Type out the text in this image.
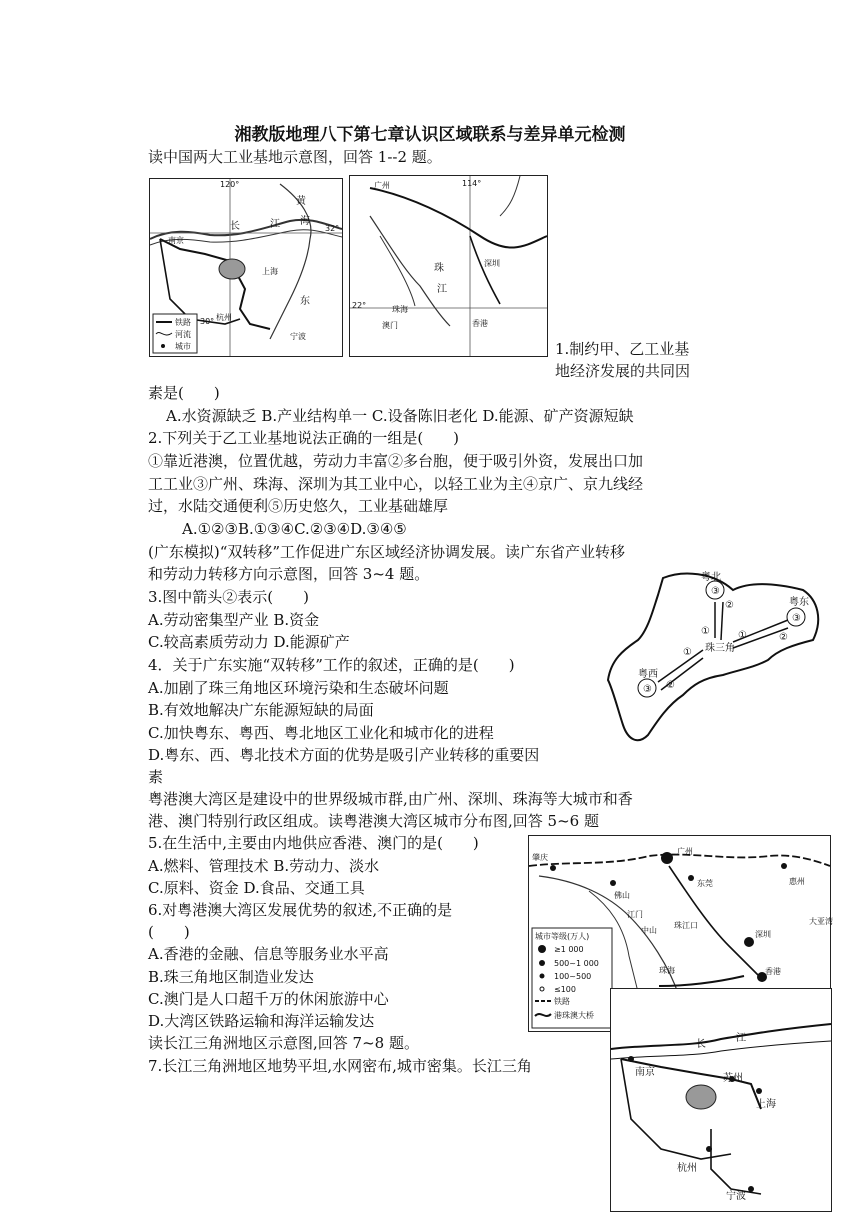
湘教版地理八下第七章认识区域联系与差异单元检测
读中国两大工业基地示意图，回答 1--2 题。
120°
32°
30°
黄
海
长	江
东
南京
上海
杭州
宁波
铁路
河流
城市
广州	114°
珠
江
深圳
22°	珠海
澳门	香港
1.制约甲、乙工业基
地经济发展的共同因
素是(　　)
A.水资源缺乏 B.产业结构单一 C.设备陈旧老化 D.能源、矿产资源短缺
2.下列关于乙工业基地说法正确的一组是(　　)
①靠近港澳，位置优越，劳动力丰富②多台胞，便于吸引外资，发展出口加
工工业③广州、珠海、深圳为其工业中心，以轻工业为主④京广、京九线经
过，水陆交通便利⑤历史悠久，工业基础雄厚
A.①②③B.①③④C.②③④D.③④⑤
(广东模拟)“双转移”工作促进广东区域经济协调发展。读广东省产业转移
和劳动力转移方向示意图，回答 3~4 题。
3.图中箭头②表示(　　)
A.劳动密集型产业 B.资金
C.较高素质劳动力 D.能源矿产
4．关于广东实施“双转移”工作的叙述，正确的是(　　)
A.加剧了珠三角地区环境污染和生态破坏问题
B.有效地解决广东能源短缺的局面
C.加快粤东、粤西、粤北地区工业化和城市化的进程
D.粤东、西、粤北技术方面的优势是吸引产业转移的重要因
素
③
③
③
粤北
粤东
粤西
珠三角
②
①	①	②
①
②
粤港澳大湾区是建设中的世界级城市群,由广州、深圳、珠海等大城市和香
港、澳门特别行政区组成。读粤港澳大湾区城市分布图,回答 5~6 题
5.在生活中,主要由内地供应香港、澳门的是(　　)
A.燃料、管理技术 B.劳动力、淡水
C.原料、资金 D.食品、交通工具
6.对粤港澳大湾区发展优势的叙述,不正确的是
(　　)
A.香港的金融、信息等服务业水平高
B.珠三角地区制造业发达
C.澳门是人口超千万的休闲旅游中心
D.大湾区铁路运输和海洋运输发达
读长江三角洲地区示意图,回答 7~8 题。
7.长江三角洲地区地势平坦,水网密布,城市密集。长江三角
肇庆
广州
佛山
东莞	惠州
江门
中山	深圳
珠海	香港
珠江口	大亚湾
城市等级(万人)
≥1 000
500~1 000
100~500
≤100
铁路
港珠澳大桥
长
江
南京
苏州
上海
杭州
宁波
